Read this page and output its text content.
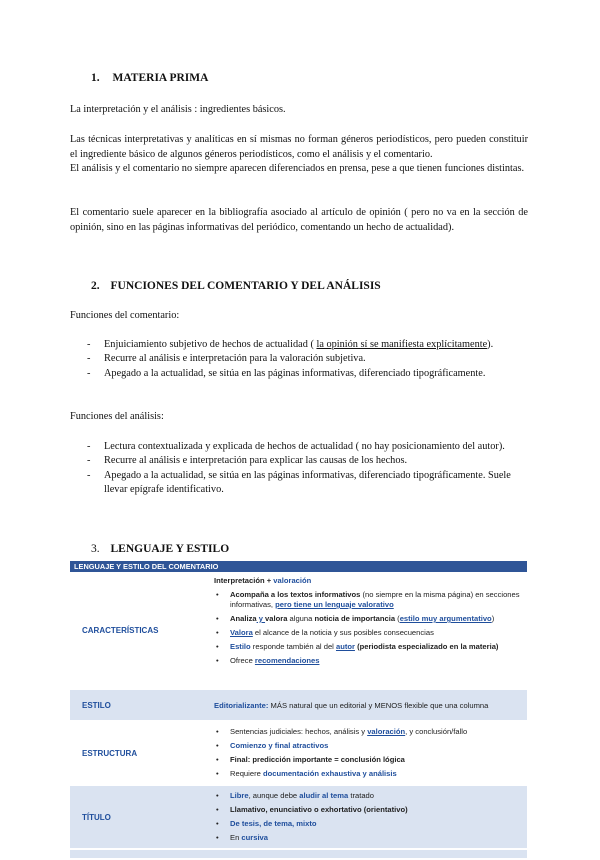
1. MATERIA PRIMA
La interpretación y el análisis : ingredientes básicos.
Las técnicas interpretativas y analíticas en sí mismas no forman géneros periodísticos, pero pueden constituir el ingrediente básico de algunos géneros periodísticos, como el análisis y el comentario.
El análisis y el comentario no siempre aparecen diferenciados en prensa, pese a que tienen funciones distintas.
El comentario suele aparecer en la bibliografía asociado al artículo de opinión ( pero no va en la sección de opinión, sino en las páginas informativas del periódico, comentando un hecho de actualidad).
2. FUNCIONES DEL COMENTARIO Y DEL ANÁLISIS
Funciones del comentario:
- Enjuiciamiento subjetivo de hechos de actualidad ( la opinión sí se manifiesta explícitamente).
- Recurre al análisis e interpretación para la valoración subjetiva.
- Apegado a la actualidad, se sitúa en las páginas informativas, diferenciado tipográficamente.
Funciones del análisis:
- Lectura contextualizada y explicada de hechos de actualidad ( no hay posicionamiento del autor).
- Recurre al análisis e interpretación para explicar las causas de los hechos.
- Apegado a la actualidad, se sitúa en las páginas informativas, diferenciado tipográficamente. Suele llevar epígrafe identificativo.
3. LENGUAJE Y ESTILO
LENGUAJE Y ESTILO DEL COMENTARIO
CARACTERÍSTICAS
Interpretación + valoración
• Acompaña a los textos informativos (no siempre en la misma página) en secciones informativas, pero tiene un lenguaje valorativo
• Analiza y valora alguna noticia de importancia (estilo muy argumentativo)
• Valora el alcance de la noticia y sus posibles consecuencias
• Estilo responde también al del autor (periodista especializado en la materia)
• Ofrece recomendaciones
ESTILO	Editorializante: MÁS natural que un editorial y MENOS flexible que una columna
ESTRUCTURA
• Sentencias judiciales: hechos, análisis y valoración, y conclusión/fallo
• Comienzo y final atractivos
• Final: predicción importante = conclusión lógica
• Requiere documentación exhaustiva y análisis
TÍTULO
• Libre, aunque debe aludir al tema tratado
• Llamativo, enunciativo o exhortativo (orientativo)
• De tesis, de tema, mixto
• En cursiva
